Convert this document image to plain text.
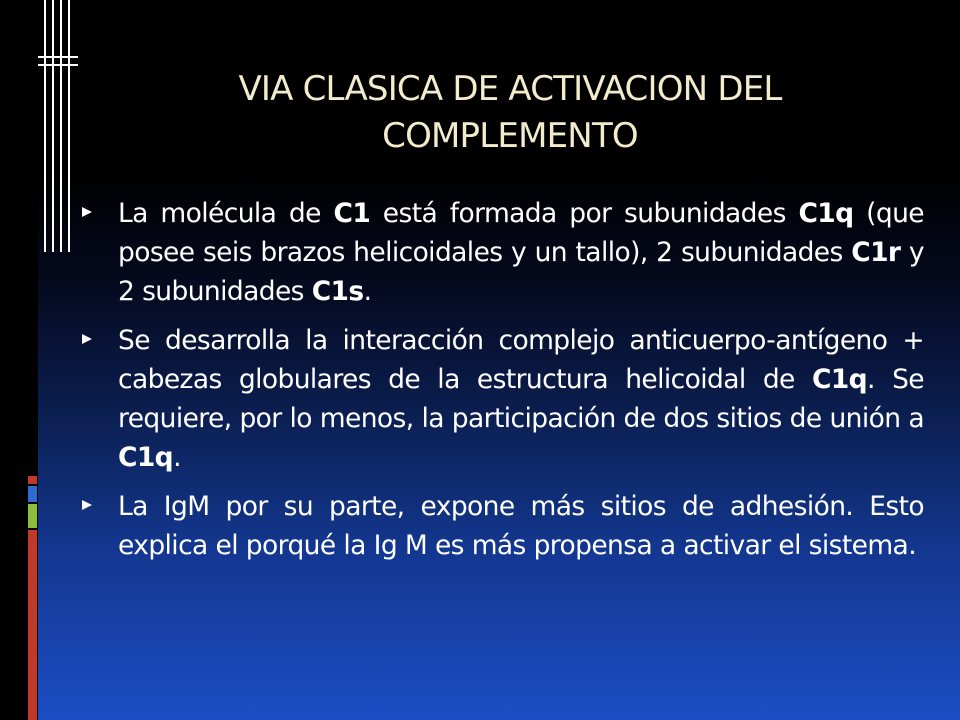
VIA CLASICA DE ACTIVACION DEL COMPLEMENTO
La molécula de C1 está formada por subunidades C1q (que posee seis brazos helicoidales y un tallo), 2 subunidades C1r y 2 subunidades C1s.
Se desarrolla la interacción complejo anticuerpo-antígeno + cabezas globulares de la estructura helicoidal de C1q. Se requiere, por lo menos, la participación de dos sitios de unión a C1q.
La IgM por su parte, expone más sitios de adhesión. Esto explica el porqué la Ig M es más propensa a activar el sistema.
